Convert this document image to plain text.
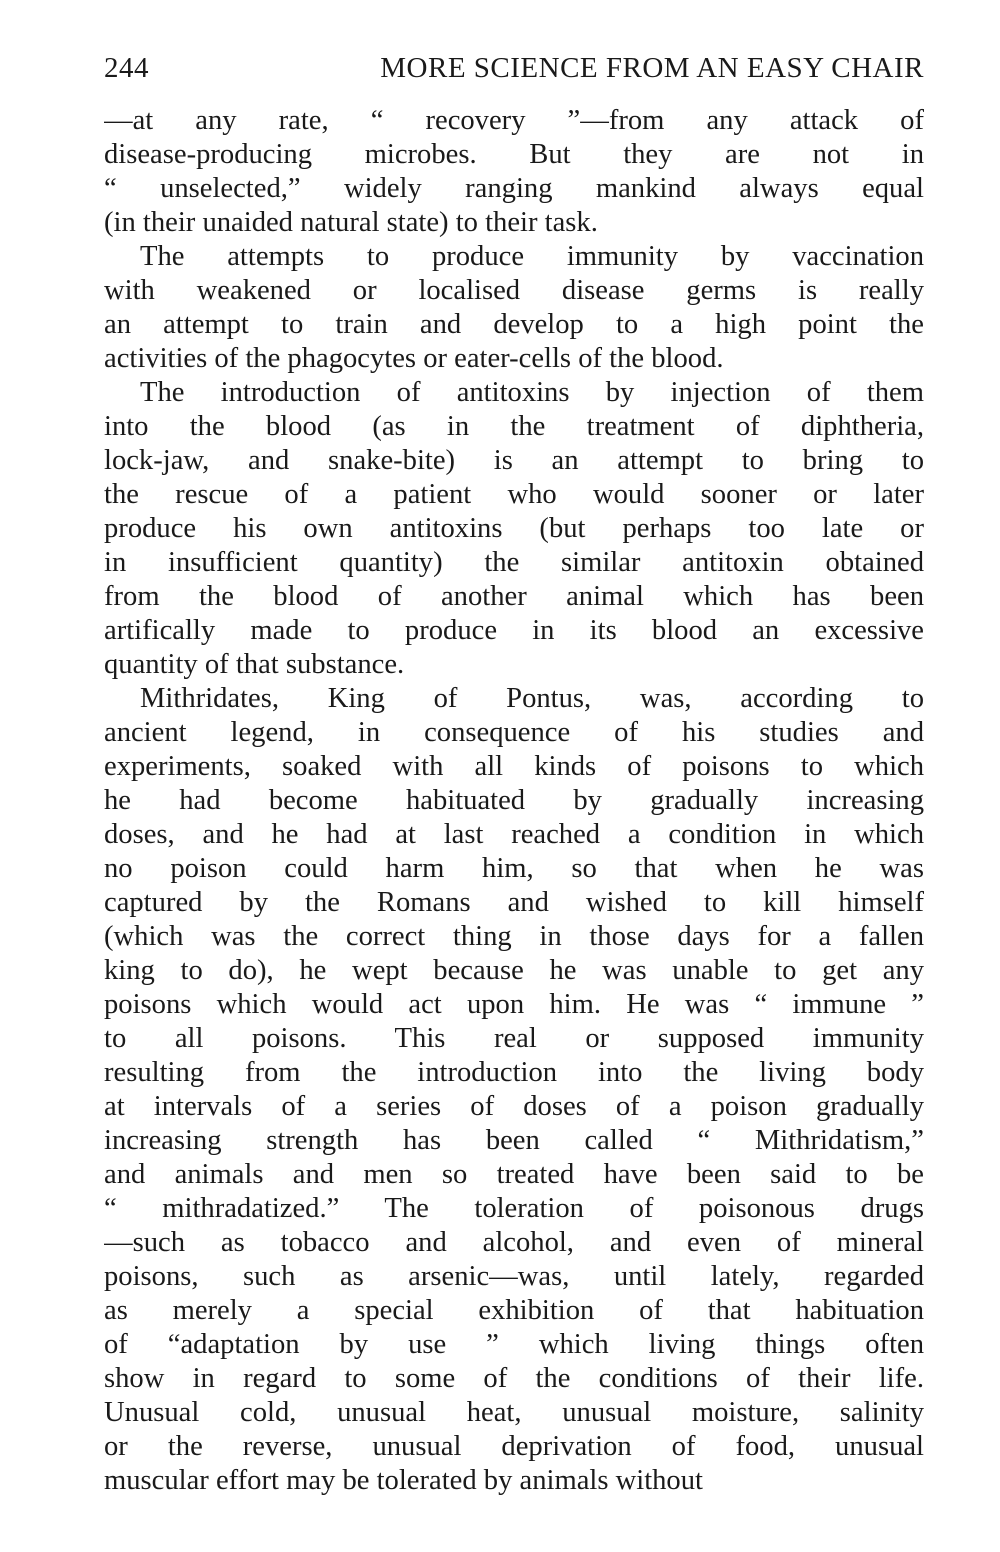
244	MORE SCIENCE FROM AN EASY CHAIR
—at any rate, “ recovery ”—from any attack of
disease-producing microbes. But they are not in
“ unselected,” widely ranging mankind always equal
(in their unaided natural state) to their task.
The attempts to produce immunity by vaccination
with weakened or localised disease germs is really
an attempt to train and develop to a high point the
activities of the phagocytes or eater-cells of the blood.
The introduction of antitoxins by injection of them
into the blood (as in the treatment of diphtheria,
lock-jaw, and snake-bite) is an attempt to bring to
the rescue of a patient who would sooner or later
produce his own antitoxins (but perhaps too late or
in insufficient quantity) the similar antitoxin obtained
from the blood of another animal which has been
artifically made to produce in its blood an excessive
quantity of that substance.
Mithridates, King of Pontus, was, according to
ancient legend, in consequence of his studies and
experiments, soaked with all kinds of poisons to which
he had become habituated by gradually increasing
doses, and he had at last reached a condition in which
no poison could harm him, so that when he was
captured by the Romans and wished to kill himself
(which was the correct thing in those days for a fallen
king to do), he wept because he was unable to get any
poisons which would act upon him. He was “ immune ”
to all poisons. This real or supposed immunity
resulting from the introduction into the living body
at intervals of a series of doses of a poison gradually
increasing strength has been called “ Mithridatism,”
and animals and men so treated have been said to be
“ mithradatized.” The toleration of poisonous drugs
—such as tobacco and alcohol, and even of mineral
poisons, such as arsenic—was, until lately, regarded
as merely a special exhibition of that habituation
of “adaptation by use ” which living things often
show in regard to some of the conditions of their life.
Unusual cold, unusual heat, unusual moisture, salinity
or the reverse, unusual deprivation of food, unusual
muscular effort may be tolerated by animals without
